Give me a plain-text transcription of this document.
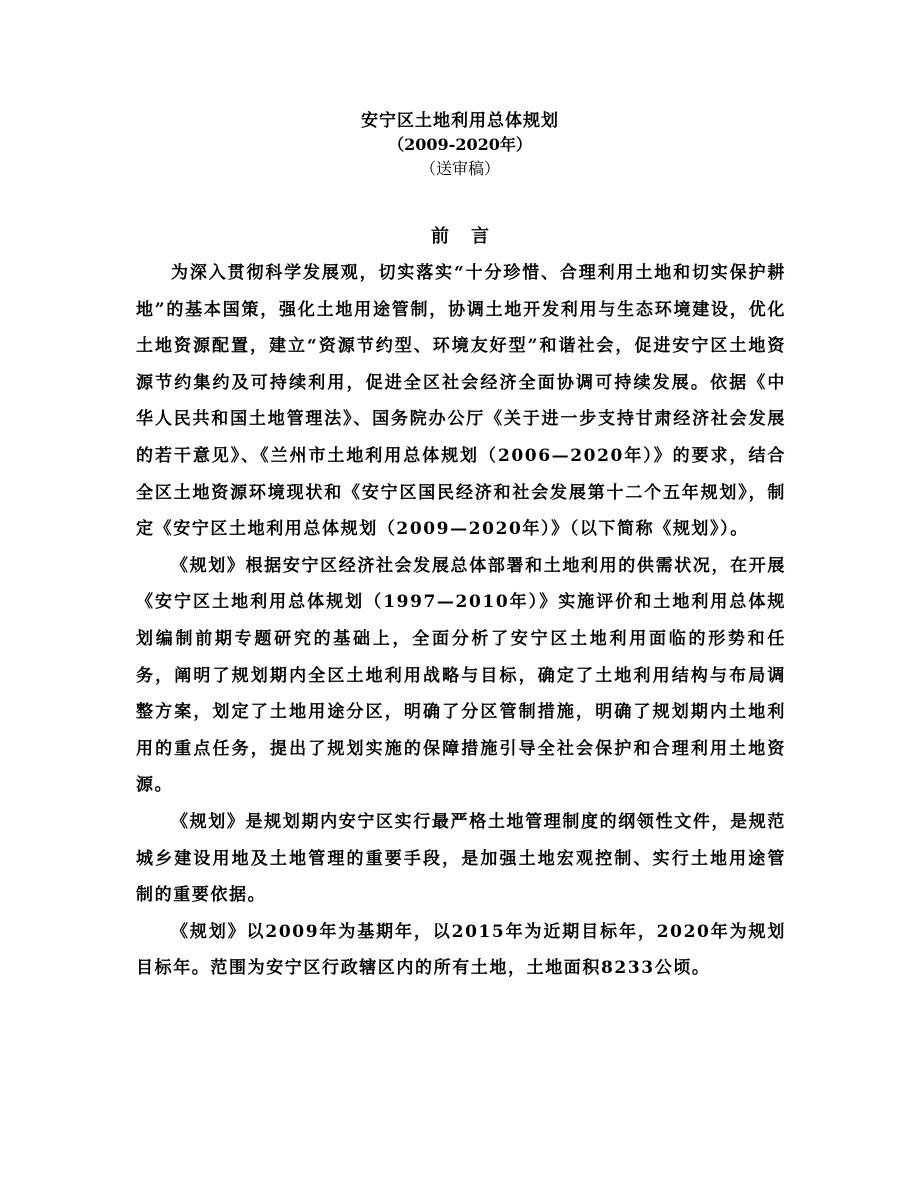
安宁区土地利用总体规划
（2009-2020年）
（送审稿）
前言

为深入贯彻科学发展观，切实落实“十分珍惜、合理利用土地和切实保护耕地”的基本国策，强化土地用途管制，协调土地开发利用与生态环境建设，优化土地资源配置，建立“资源节约型、环境友好型”和谐社会，促进安宁区土地资源节约集约及可持续利用，促进全区社会经济全面协调可持续发展。依据《中华人民共和国土地管理法》、国务院办公厅《关于进一步支持甘肃经济社会发展的若干意见》、《兰州市土地利用总体规划（2006—2020年）》的要求，结合全区土地资源环境现状和《安宁区国民经济和社会发展第十二个五年规划》，制定《安宁区土地利用总体规划（2009—2020年）》（以下简称《规划》）。

《规划》根据安宁区经济社会发展总体部署和土地利用的供需状况，在开展《安宁区土地利用总体规划（1997—2010年）》实施评价和土地利用总体规划编制前期专题研究的基础上，全面分析了安宁区土地利用面临的形势和任务，阐明了规划期内全区土地利用战略与目标，确定了土地利用结构与布局调整方案，划定了土地用途分区，明确了分区管制措施，明确了规划期内土地利用的重点任务，提出了规划实施的保障措施引导全社会保护和合理利用土地资源。

《规划》是规划期内安宁区实行最严格土地管理制度的纲领性文件，是规范城乡建设用地及土地管理的重要手段，是加强土地宏观控制、实行土地用途管制的重要依据。

《规划》以2009年为基期年，以2015年为近期目标年，2020年为规划目标年。范围为安宁区行政辖区内的所有土地，土地面积8233公顷。
